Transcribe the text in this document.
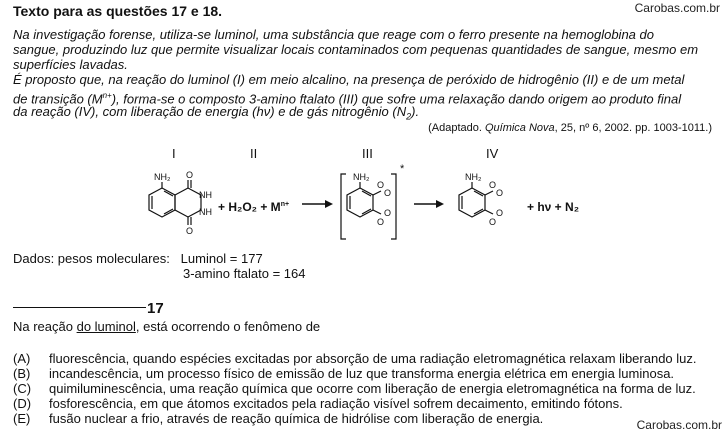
Carobas.com.br
Texto para as questões 17 e 18.
Na investigação forense, utiliza-se luminol, uma substância que reage com o ferro presente na hemoglobina do
sangue, produzindo luz que permite visualizar locais contaminados com pequenas quantidades de sangue, mesmo em
superfícies lavadas.
É proposto que, na reação do luminol (I) em meio alcalino, na presença de peróxido de hidrogênio (II) e de um metal
de transição $(M^{n+})$, forma-se o composto 3-amino ftalato (III) que sofre uma relaxação dando origem ao produto final
da reação (IV), com liberação de energia (hν) e de gás nitrogênio $(N_2)$.
(Adaptado. Química Nova, 25, nº 6, 2002. pp. 1003-1011.)
I	II	III	IV
NH₂ O
O
NH
NH + $H_2O_2 + M^{n+}$
NH₂
O
O
O
O
*
NH₂
O
O
O
O
+ hν + N₂
Dados: pesos moleculares: Luminol = 177
3-amino ftalato = 164
17
Na reação do luminol, está ocorrendo o fenômeno de
(A) fluorescência, quando espécies excitadas por absorção de uma radiação eletromagnética relaxam liberando luz.
(B) incandescência, um processo físico de emissão de luz que transforma energia elétrica em energia luminosa.
(C) quimiluminescência, uma reação química que ocorre com liberação de energia eletromagnética na forma de luz.
(D) fosforescência, em que átomos excitados pela radiação visível sofrem decaimento, emitindo fótons.
(E) fusão nuclear a frio, através de reação química de hidrólise com liberação de energia.	Carobas.com.br
